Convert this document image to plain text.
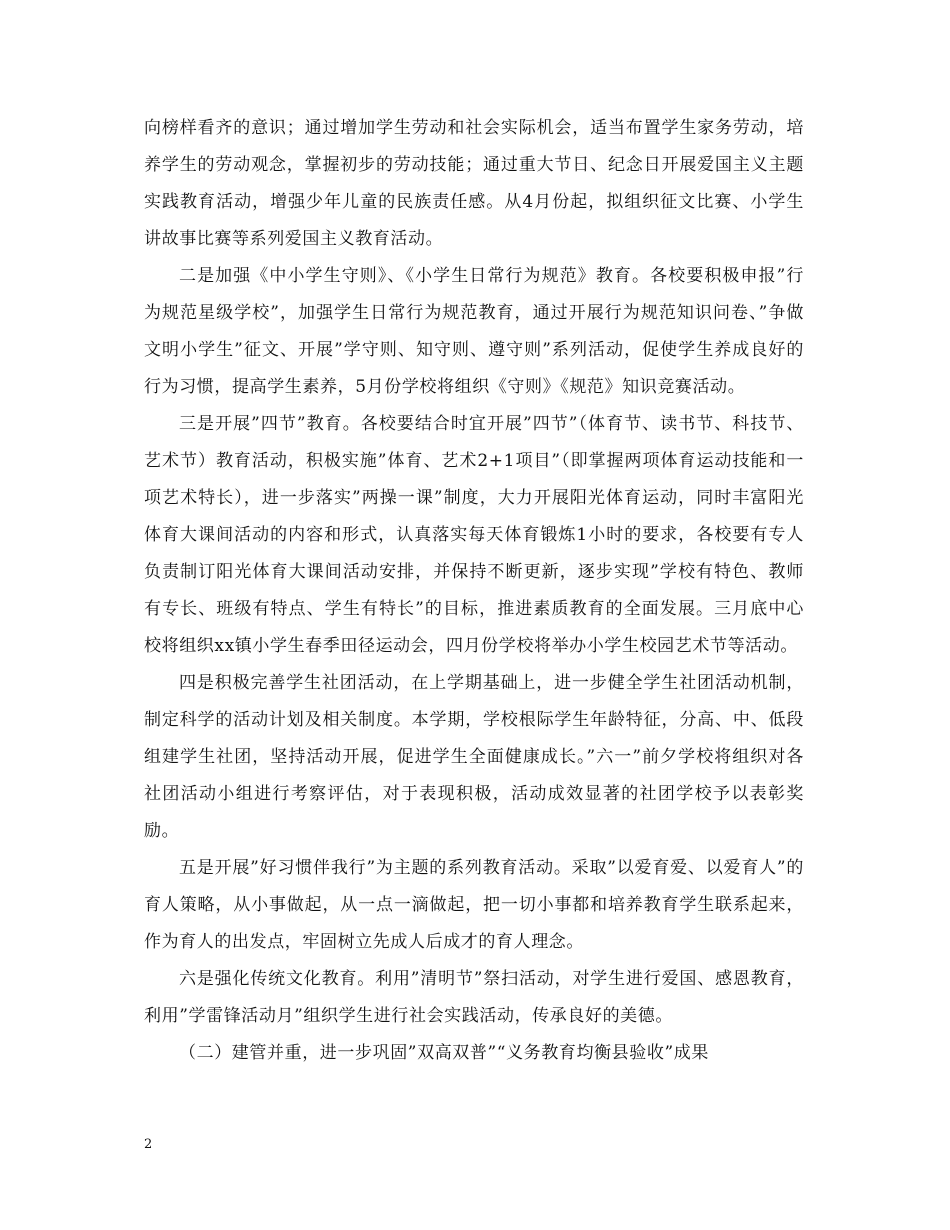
向榜样看齐的意识；通过增加学生劳动和社会实际机会，适当布置学生家务劳动，培养学生的劳动观念，掌握初步的劳动技能；通过重大节日、纪念日开展爱国主义主题实践教育活动，增强少年儿童的民族责任感。从4月份起，拟组织征文比赛、小学生讲故事比赛等系列爱国主义教育活动。

二是加强《中小学生守则》、《小学生日常行为规范》教育。各校要积极申报”行为规范星级学校”，加强学生日常行为规范教育，通过开展行为规范知识问卷、”争做文明小学生”征文、开展”学守则、知守则、遵守则”系列活动，促使学生养成良好的行为习惯，提高学生素养，5月份学校将组织《守则》《规范》知识竞赛活动。

三是开展”四节”教育。各校要结合时宜开展”四节”（体育节、读书节、科技节、艺术节）教育活动，积极实施”体育、艺术2+1项目”（即掌握两项体育运动技能和一项艺术特长），进一步落实”两操一课”制度，大力开展阳光体育运动，同时丰富阳光体育大课间活动的内容和形式，认真落实每天体育锻炼1小时的要求，各校要有专人负责制订阳光体育大课间活动安排，并保持不断更新，逐步实现”学校有特色、教师有专长、班级有特点、学生有特长”的目标，推进素质教育的全面发展。三月底中心校将组织xx镇小学生春季田径运动会，四月份学校将举办小学生校园艺术节等活动。

四是积极完善学生社团活动，在上学期基础上，进一步健全学生社团活动机制，制定科学的活动计划及相关制度。本学期，学校根际学生年龄特征，分高、中、低段组建学生社团，坚持活动开展，促进学生全面健康成长。”六一”前夕学校将组织对各社团活动小组进行考察评估，对于表现积极，活动成效显著的社团学校予以表彰奖励。

五是开展”好习惯伴我行”为主题的系列教育活动。采取”以爱育爱、以爱育人”的育人策略，从小事做起，从一点一滴做起，把一切小事都和培养教育学生联系起来，作为育人的出发点，牢固树立先成人后成才的育人理念。

六是强化传统文化教育。利用”清明节”祭扫活动，对学生进行爱国、感恩教育，利用”学雷锋活动月”组织学生进行社会实践活动，传承良好的美德。

（二）建管并重，进一步巩固”双高双普”“义务教育均衡县验收”成果

2
